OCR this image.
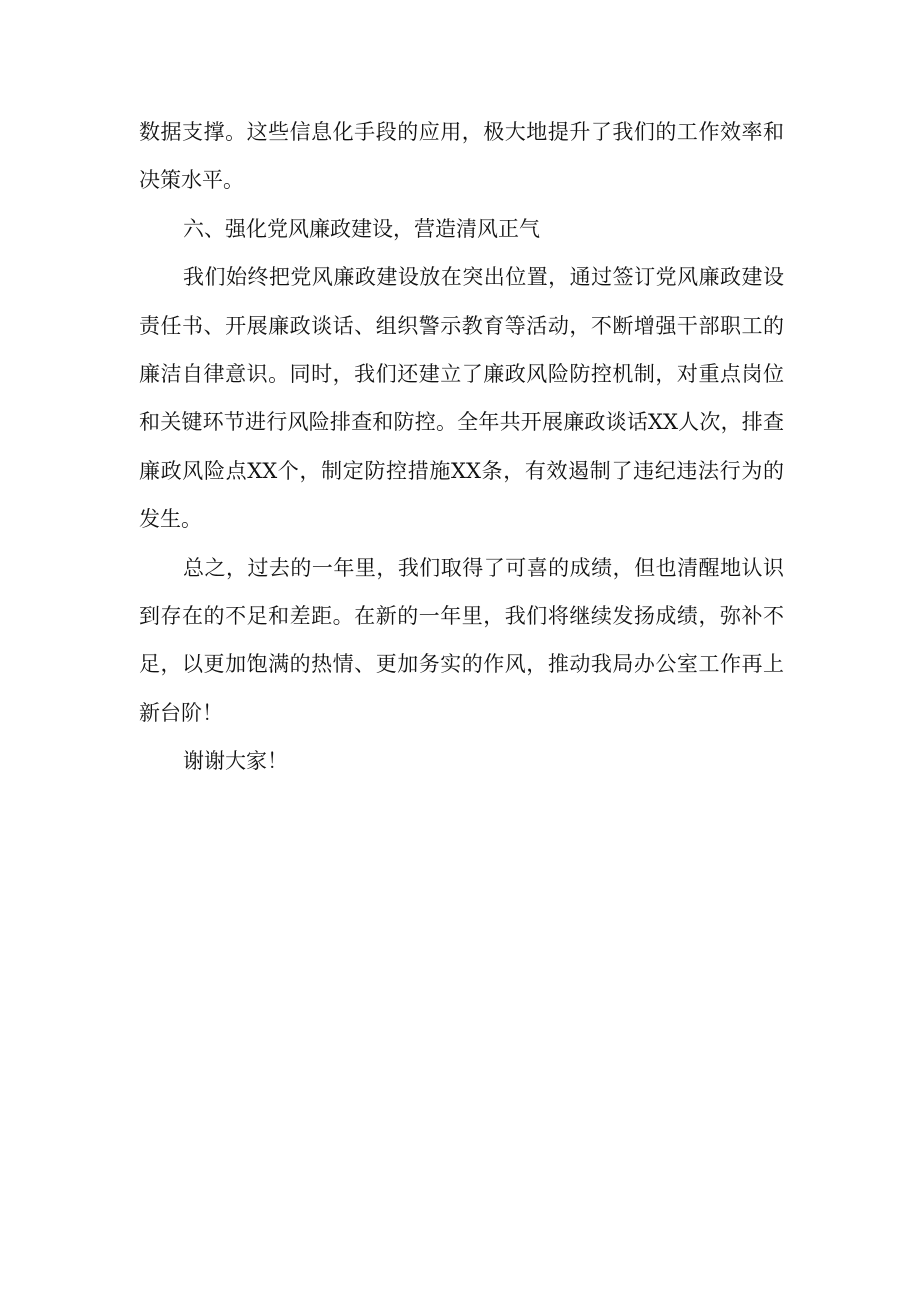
数据支撑。这些信息化手段的应用，极大地提升了我们的工作效率和决策水平。

六、强化党风廉政建设，营造清风正气

我们始终把党风廉政建设放在突出位置，通过签订党风廉政建设责任书、开展廉政谈话、组织警示教育等活动，不断增强干部职工的廉洁自律意识。同时，我们还建立了廉政风险防控机制，对重点岗位和关键环节进行风险排查和防控。全年共开展廉政谈话XX人次，排查廉政风险点XX个，制定防控措施XX条，有效遏制了违纪违法行为的发生。

总之，过去的一年里，我们取得了可喜的成绩，但也清醒地认识到存在的不足和差距。在新的一年里，我们将继续发扬成绩，弥补不足，以更加饱满的热情、更加务实的作风，推动我局办公室工作再上新台阶！

谢谢大家！
